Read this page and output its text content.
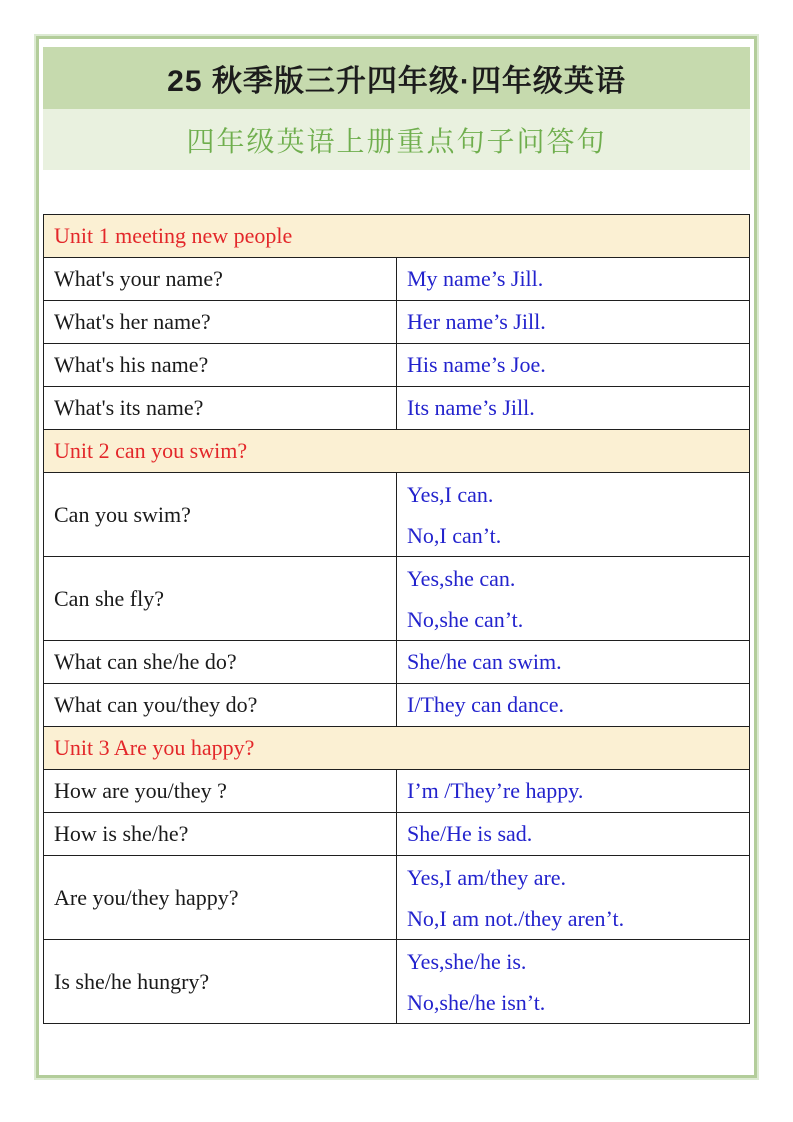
25 秋季版三升四年级·四年级英语
四年级英语上册重点句子问答句
Unit 1 meeting new people	
What's your name?	My name’s Jill.

What's her name?	Her name’s Jill.

What's his name?	His name’s Joe.

What's its name?	Its name’s Jill.

Unit 2 can you swim?	
Can you swim?	Yes,I can.
No,I can’t.

Can she fly?	Yes,she can.
No,she can’t.

What can she/he do?	She/he can swim.

What can you/they do?	I/They can dance.

Unit 3 Are you happy?	
How are you/they ?	I’m /They’re happy.

How is she/he?	She/He is sad.

Are you/they happy?	Yes,I am/they are.
No,I am not./they aren’t.

Is she/he hungry?	Yes,she/he is.
No,she/he isn’t.
